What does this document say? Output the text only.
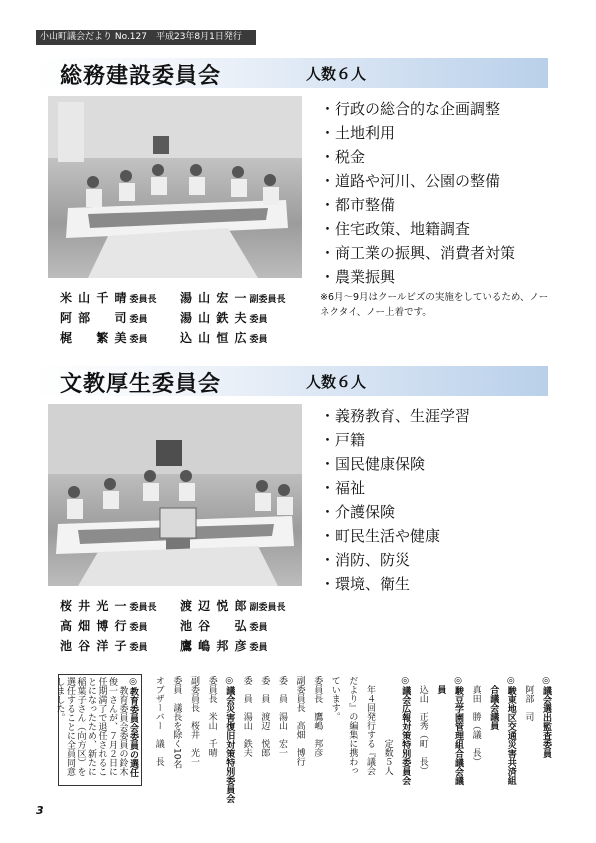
小山町議会だより No.127　平成23年8月1日発行
総務建設委員会	人数６人
・行政の総合的な企画調整
・土地利用
・税金
・道路や河川、公園の整備
・都市整備
・住宅政策、地籍調査
・商工業の振興、消費者対策
・農業振興
米 山 千 晴 委員長 湯 山 宏 一 副委員長
阿 部 　 司 委員	湯 山 鉄 夫 委員
梶 　 繁 美 委員	込 山 恒 広 委員
※6月〜9月はクールビズの実施をしているため、ノーネクタイ、ノー上着です。
文教厚生委員会	人数６人
・義務教育、生涯学習
・戸籍
・国民健康保険
・福祉
・介護保険
・町民生活や健康
・消防、防災
・環境、衛生
桜 井 光 一 委員長 渡 辺 悦 郎 副委員長
高 畑 博 行 委員	池 谷 　 弘 委員
池 谷 洋 子 委員	鷹 嶋 邦 彦 委員
◎議会選出監査委員
　阿部　司
◎駿東地区交通災害共済組
　合議会議員
　真田　勝（議　長）
◎駿豆学園管理組合議会議
　員
　込山　正秀（町　長）
◎議会広報対策特別委員会
　　　　　　　定数５人
　年４回発行する『議会
だより』の編集に携わっ
ています。
委員長　鷹嶋　邦彦
副委員長　高畑　博行
委　員　湯山　宏一
委　員　渡辺　悦郎
委　員　湯山　鉄夫
◎議会災害復旧対策特別委員会
委員長　米山　千晴
副委員長　桜井　光一
委員　議長を除く10名
オブザーバー　議　長
◎教育委員会委員の選任
　教育委員会委員の鈴木
俊一さんが、７月２日に
任期満了で退任されるこ
とになったため、新たに
稲葉子さん（向方区）を
選任することに全員同意
しました。
3
